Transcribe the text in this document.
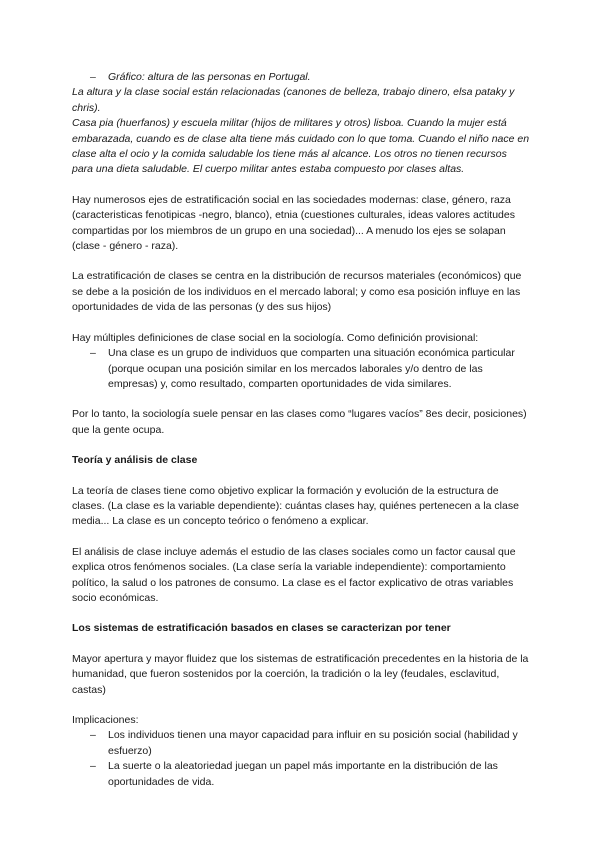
– Gráfico: altura de las personas en Portugal.

La altura y la clase social están relacionadas (canones de belleza, trabajo dinero, elsa pataky y chris).

Casa pia (huerfanos) y escuela militar (hijos de militares y otros) lisboa. Cuando la mujer está embarazada, cuando es de clase alta tiene más cuidado con lo que toma. Cuando el niño nace en clase alta el ocio y la comida saludable los tiene más al alcance. Los otros no tienen recursos para una dieta saludable. El cuerpo militar antes estaba compuesto por clases altas.

Hay numerosos ejes de estratificación social en las sociedades modernas: clase, género, raza (caracteristicas fenotipicas -negro, blanco), etnia (cuestiones culturales, ideas valores actitudes compartidas por los miembros de un grupo en una sociedad)... A menudo los ejes se solapan (clase - género - raza).

La estratificación de clases se centra en la distribución de recursos materiales (económicos) que se debe a la posición de los individuos en el mercado laboral; y como esa posición influye en las oportunidades de vida de las personas (y des sus hijos)

Hay múltiples definiciones de clase social en la sociología. Como definición provisional:

– Una clase es un grupo de individuos que comparten una situación económica particular (porque ocupan una posición similar en los mercados laborales y/o dentro de las empresas) y, como resultado, comparten oportunidades de vida similares.

Por lo tanto, la sociología suele pensar en las clases como “lugares vacíos” 8es decir, posiciones) que la gente ocupa.

Teoría y análisis de clase

La teoría de clases tiene como objetivo explicar la formación y evolución de la estructura de clases. (La clase es la variable dependiente): cuántas clases hay, quiénes pertenecen a la clase media... La clase es un concepto teórico o fenómeno a explicar.

El análisis de clase incluye además el estudio de las clases sociales como un factor causal que explica otros fenómenos sociales. (La clase sería la variable independiente): comportamiento político, la salud o los patrones de consumo. La clase es el factor explicativo de otras variables socio económicas.

Los sistemas de estratificación basados en clases se caracterizan por tener

Mayor apertura y mayor fluidez que los sistemas de estratificación precedentes en la historia de la humanidad, que fueron sostenidos por la coerción, la tradición o la ley (feudales, esclavitud, castas)

Implicaciones:

– Los individuos tienen una mayor capacidad para influir en su posición social (habilidad y esfuerzo)
– La suerte o la aleatoriedad juegan un papel más importante en la distribución de las oportunidades de vida.
